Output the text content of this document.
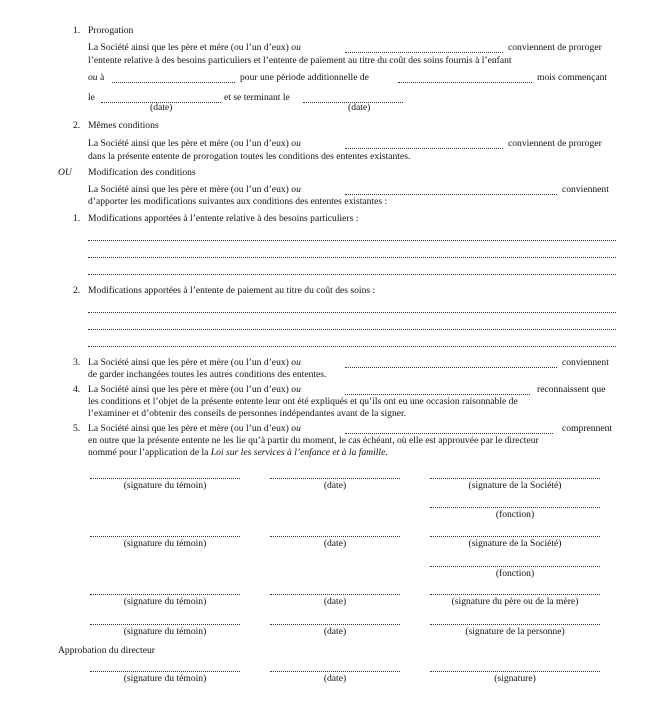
1. Prorogation
La Société ainsi que les père et mère (ou l’un d’eux) ou	conviennent de proroger
l’entente relative à des besoins particuliers et l’entente de paiement au titre du coût des soins fournis à l’enfant
ou à	pour une période additionnelle de	mois commençant
le	et se terminant le
(date)	(date)
2. Mêmes conditions
La Société ainsi que les père et mère (ou l’un d’eux) ou	conviennent de proroger
dans la présente entente de prorogation toutes les conditions des ententes existantes.
OU Modification des conditions
La Société ainsi que les père et mère (ou l’un d’eux) ou	conviennent
d’apporter les modifications suivantes aux conditions des ententes existantes :
1. Modifications apportées à l’entente relative à des besoins particuliers :
2. Modifications apportées à l’entente de paiement au titre du coût des soins :
3. La Société ainsi que les père et mère (ou l’un d’eux) ou	conviennent
de garder inchangées toutes les autres conditions des ententes.
4. La Société ainsi que les père et mère (ou l’un d’eux) ou	reconnaissent que
les conditions et l’objet de la présente entente leur ont été expliqués et qu’ils ont eu une occasion raisonnable de
l’examiner et d’obtenir des conseils de personnes indépendantes avant de la signer.
5. La Société ainsi que les père et mère (ou l’un d’eux) ou	comprennent
en outre que la présente entente ne les lie qu’à partir du moment, le cas échéant, où elle est approuvée par le directeur
nommé pour l’application de la Loi sur les services à l’enfance et à la famille.
(signature du témoin)	(date)	(signature de la Société)
(fonction)
(signature du témoin)	(date)	(signature de la Société)
(fonction)
(signature du témoin)	(date)	(signature du père ou de la mère)
(signature du témoin)	(date)	(signature de la personne)
Approbation du directeur
(signature du témoin)	(date)	(signature)
